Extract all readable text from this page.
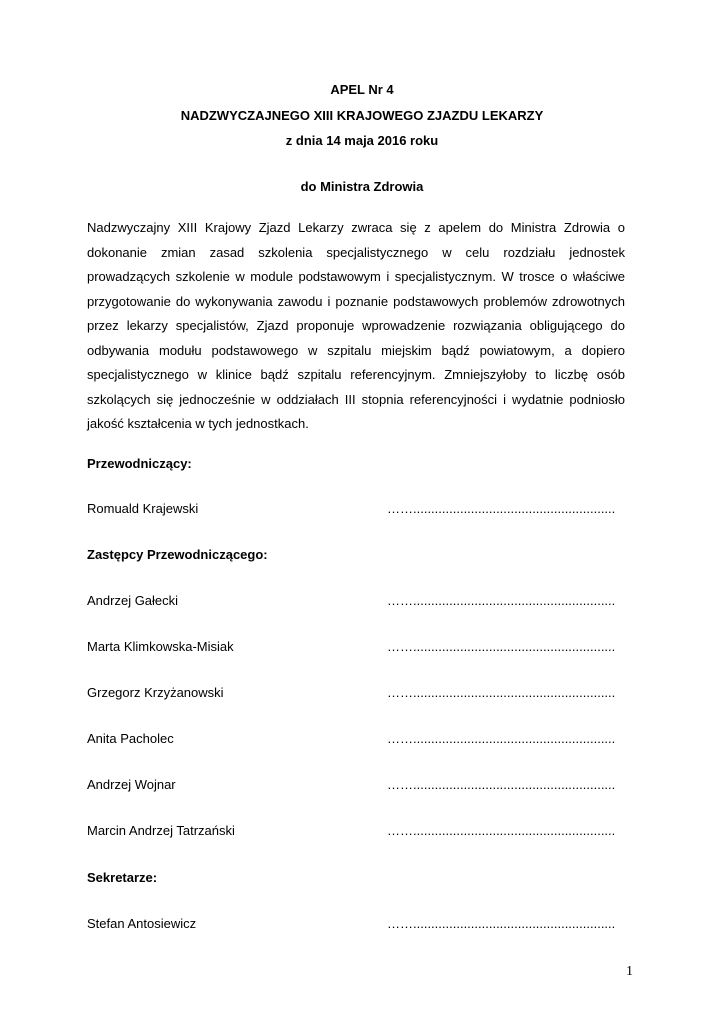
APEL Nr 4
NADZWYCZAJNEGO XIII KRAJOWEGO ZJAZDU LEKARZY
z dnia 14 maja 2016 roku
do Ministra Zdrowia
Nadzwyczajny XIII Krajowy Zjazd Lekarzy zwraca się z apelem do Ministra Zdrowia o dokonanie zmian zasad szkolenia specjalistycznego w celu rozdziału jednostek prowadzących szkolenie w module podstawowym i specjalistycznym. W trosce o właściwe przygotowanie do wykonywania zawodu i poznanie podstawowych problemów zdrowotnych przez lekarzy specjalistów, Zjazd proponuje wprowadzenie rozwiązania obligującego do odbywania modułu podstawowego w szpitalu miejskim bądź powiatowym, a dopiero specjalistycznego w klinice bądź szpitalu referencyjnym. Zmniejszyłoby to liczbę osób szkolących się jednocześnie w oddziałach III stopnia referencyjności i wydatnie podniosło jakość kształcenia w tych jednostkach.
Przewodniczący:
Romuald Krajewski	……........................................................
Zastępcy Przewodniczącego:
Andrzej Gałecki	……........................................................
Marta Klimkowska-Misiak	……........................................................
Grzegorz Krzyżanowski	……........................................................
Anita Pacholec	……........................................................
Andrzej Wojnar	……........................................................
Marcin Andrzej Tatrzański	……........................................................
Sekretarze:
Stefan Antosiewicz	……........................................................
1
